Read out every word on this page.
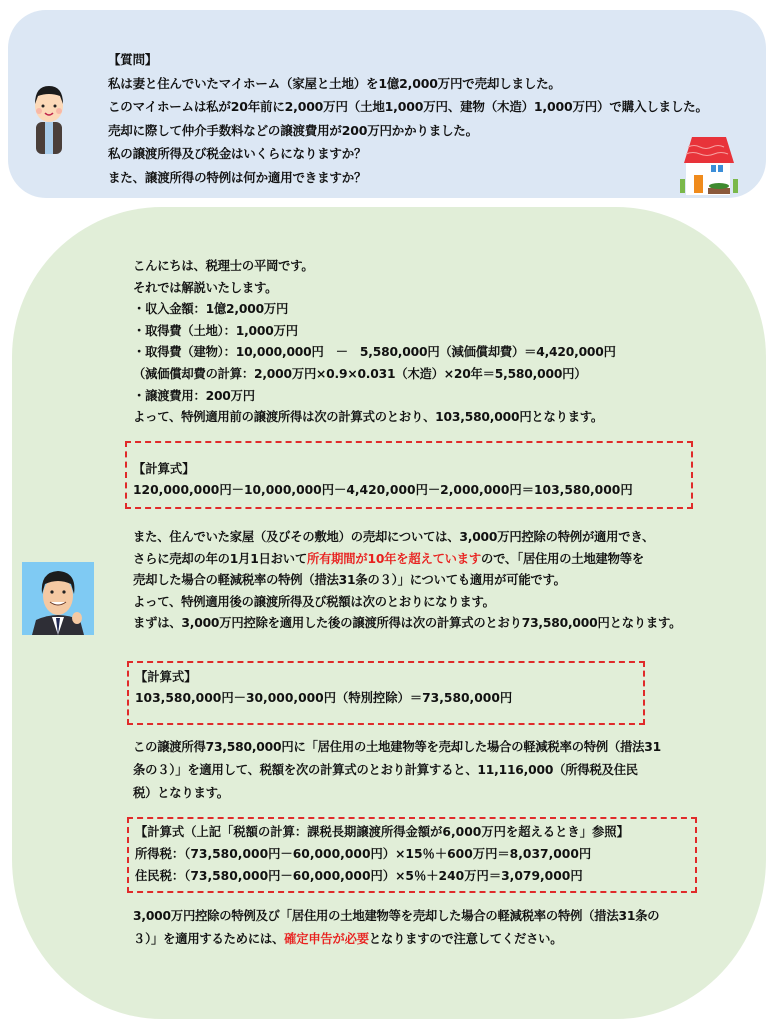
【質問】
私は妻と住んでいたマイホーム（家屋と土地）を1億2,000万円で売却しました。
このマイホームは私が20年前に2,000万円（土地1,000万円、建物（木造）1,000万円）で購入しました。
売却に際して仲介手数料などの譲渡費用が200万円かかりました。
私の譲渡所得及び税金はいくらになりますか？
また、譲渡所得の特例は何か適用できますか？
こんにちは、税理士の平岡です。
それでは解説いたします。
・収入金額：1億2,000万円
・取得費（土地）：1,000万円
・取得費（建物）：10,000,000円　－　5,580,000円（減価償却費）＝4,420,000円
（減価償却費の計算：2,000万円×0.9×0.031（木造）×20年＝5,580,000円）
・譲渡費用：200万円
よって、特例適用前の譲渡所得は次の計算式のとおり、103,580,000円となります。
【計算式】
120,000,000円－10,000,000円－4,420,000円－2,000,000円＝103,580,000円
また、住んでいた家屋（及びその敷地）の売却については、3,000万円控除の特例が適用でき、
さらに売却の年の1月1日おいて所有期間が10年を超えていますので、「居住用の土地建物等を
売却した場合の軽減税率の特例（措法31条の３）」についても適用が可能です。
よって、特例適用後の譲渡所得及び税額は次のとおりになります。
まずは、3,000万円控除を適用した後の譲渡所得は次の計算式のとおり73,580,000円となります。
【計算式】
103,580,000円－30,000,000円（特別控除）＝73,580,000円
この譲渡所得73,580,000円に「居住用の土地建物等を売却した場合の軽減税率の特例（措法31
条の３）」を適用して、税額を次の計算式のとおり計算すると、11,116,000（所得税及住民
税）となります。
【計算式（上記「税額の計算：課税長期譲渡所得金額が6,000万円を超えるとき」参照】
所得税：（73,580,000円－60,000,000円）×15％＋600万円＝8,037,000円
住民税：（73,580,000円－60,000,000円）×5％＋240万円＝3,079,000円
3,000万円控除の特例及び「居住用の土地建物等を売却した場合の軽減税率の特例（措法31条の
３）」を適用するためには、確定申告が必要となりますので注意してください。
